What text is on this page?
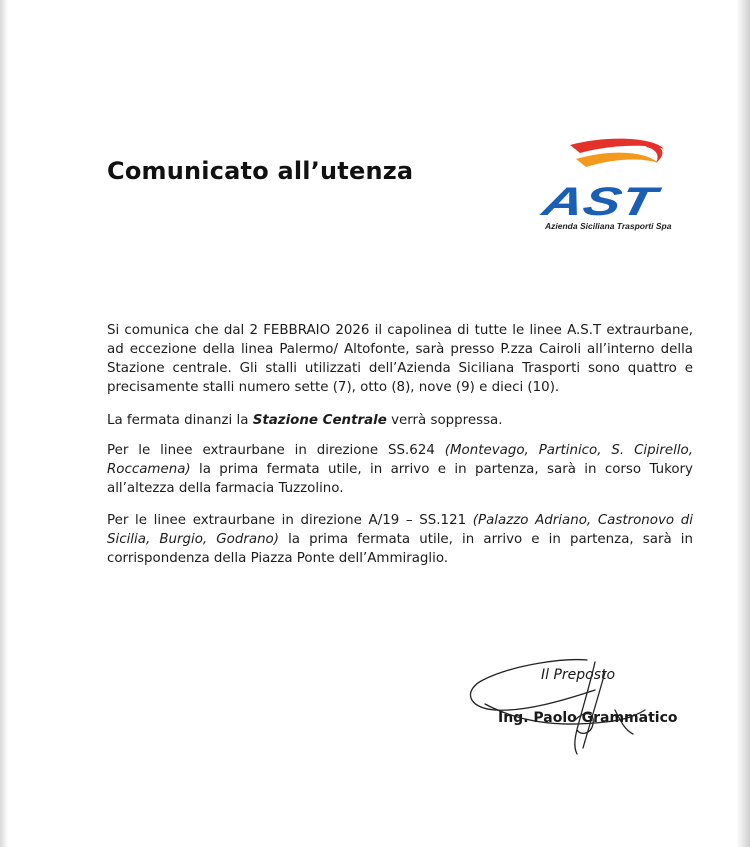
Comunicato all’utenza
AST
Azienda Siciliana Trasporti Spa
Si comunica che dal 2 FEBBRAIO 2026 il capolinea di tutte le linee A.S.T extraurbane, ad eccezione della linea Palermo/ Altofonte, sarà presso P.zza Cairoli all’interno della Stazione centrale. Gli stalli utilizzati dell’Azienda Siciliana Trasporti sono quattro e precisamente stalli numero sette (7), otto (8), nove (9) e dieci (10).
La fermata dinanzi la Stazione Centrale verrà soppressa.
Per le linee extraurbane in direzione SS.624 (Montevago, Partinico, S. Cipirello, Roccamena) la prima fermata utile, in arrivo e in partenza, sarà in corso Tukory all’altezza della farmacia Tuzzolino.
Per le linee extraurbane in direzione A/19 – SS.121 (Palazzo Adriano, Castronovo di Sicilia, Burgio, Godrano) la prima fermata utile, in arrivo e in partenza, sarà in corrispondenza della Piazza Ponte dell’Ammiraglio.
Il Preposto
Ing. Paolo Grammatico
